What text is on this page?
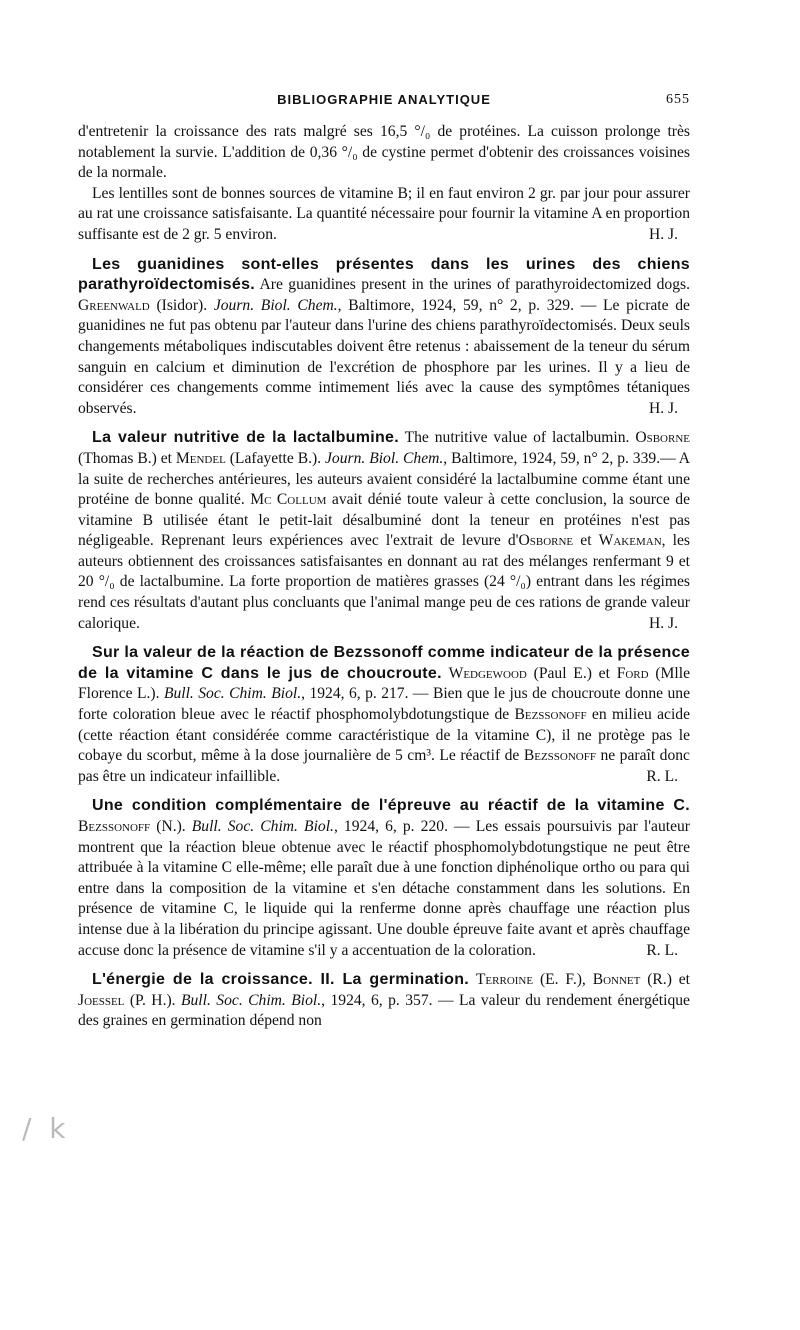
BIBLIOGRAPHIE ANALYTIQUE	655

d'entretenir la croissance des rats malgré ses 16,5 °/₀ de protéines. La cuisson prolonge très notablement la survie. L'addition de 0,36 °/₀ de cystine permet d'obtenir des croissances voisines de la normale.

Les lentilles sont de bonnes sources de vitamine B; il en faut environ 2 gr. par jour pour assurer au rat une croissance satisfaisante. La quantité nécessaire pour fournir la vitamine A en proportion suffisante est de 2 gr. 5 environ.	H. J.

Les guanidines sont-elles présentes dans les urines des chiens parathyroïdectomisés. Are guanidines present in the urines of parathyroidectomized dogs. Greenwald (Isidor). Journ. Biol. Chem., Baltimore, 1924, 59, n° 2, p. 329. — Le picrate de guanidines ne fut pas obtenu par l'auteur dans l'urine des chiens parathyroïdectomisés. Deux seuls changements métaboliques indiscutables doivent être retenus : abaissement de la teneur du sérum sanguin en calcium et diminution de l'excrétion de phosphore par les urines. Il y a lieu de considérer ces changements comme intimement liés avec la cause des symptômes tétaniques observés.	H. J.

La valeur nutritive de la lactalbumine. The nutritive value of lactalbumin. Osborne (Thomas B.) et Mendel (Lafayette B.). Journ. Biol. Chem., Baltimore, 1924, 59, n° 2, p. 339.— A la suite de recherches antérieures, les auteurs avaient considéré la lactalbumine comme étant une protéine de bonne qualité. Mc Collum avait dénié toute valeur à cette conclusion, la source de vitamine B utilisée étant le petit-lait désalbuminé dont la teneur en protéines n'est pas négligeable. Reprenant leurs expériences avec l'extrait de levure d'Osborne et Wakeman, les auteurs obtiennent des croissances satisfaisantes en donnant au rat des mélanges renfermant 9 et 20 °/₀ de lactalbumine. La forte proportion de matières grasses (24 °/₀) entrant dans les régimes rend ces résultats d'autant plus concluants que l'animal mange peu de ces rations de grande valeur calorique.	H. J.

Sur la valeur de la réaction de Bezssonoff comme indicateur de la présence de la vitamine C dans le jus de choucroute. Wedgewood (Paul E.) et Ford (Mlle Florence L.). Bull. Soc. Chim. Biol., 1924, 6, p. 217. — Bien que le jus de choucroute donne une forte coloration bleue avec le réactif phosphomolybdotungstique de Bezssonoff en milieu acide (cette réaction étant considérée comme caractéristique de la vitamine C), il ne protège pas le cobaye du scorbut, même à la dose journalière de 5 cm³. Le réactif de Bezssonoff ne paraît donc pas être un indicateur infaillible.	R. L.

Une condition complémentaire de l'épreuve au réactif de la vitamine C. Bezssonoff (N.). Bull. Soc. Chim. Biol., 1924, 6, p. 220. — Les essais poursuivis par l'auteur montrent que la réaction bleue obtenue avec le réactif phosphomolybdotungstique ne peut être attribuée à la vitamine C elle-même; elle paraît due à une fonction diphénolique ortho ou para qui entre dans la composition de la vitamine et s'en détache constamment dans les solutions. En présence de vitamine C, le liquide qui la renferme donne après chauffage une réaction plus intense due à la libération du principe agissant. Une double épreuve faite avant et après chauffage accuse donc la présence de vitamine s'il y a accentuation de la coloration.	R. L.

L'énergie de la croissance. II. La germination. Terroine (E. F.), Bonnet (R.) et Joessel (P. H.). Bull. Soc. Chim. Biol., 1924, 6, p. 357. — La valeur du rendement énergétique des graines en germination dépend non

/  k
